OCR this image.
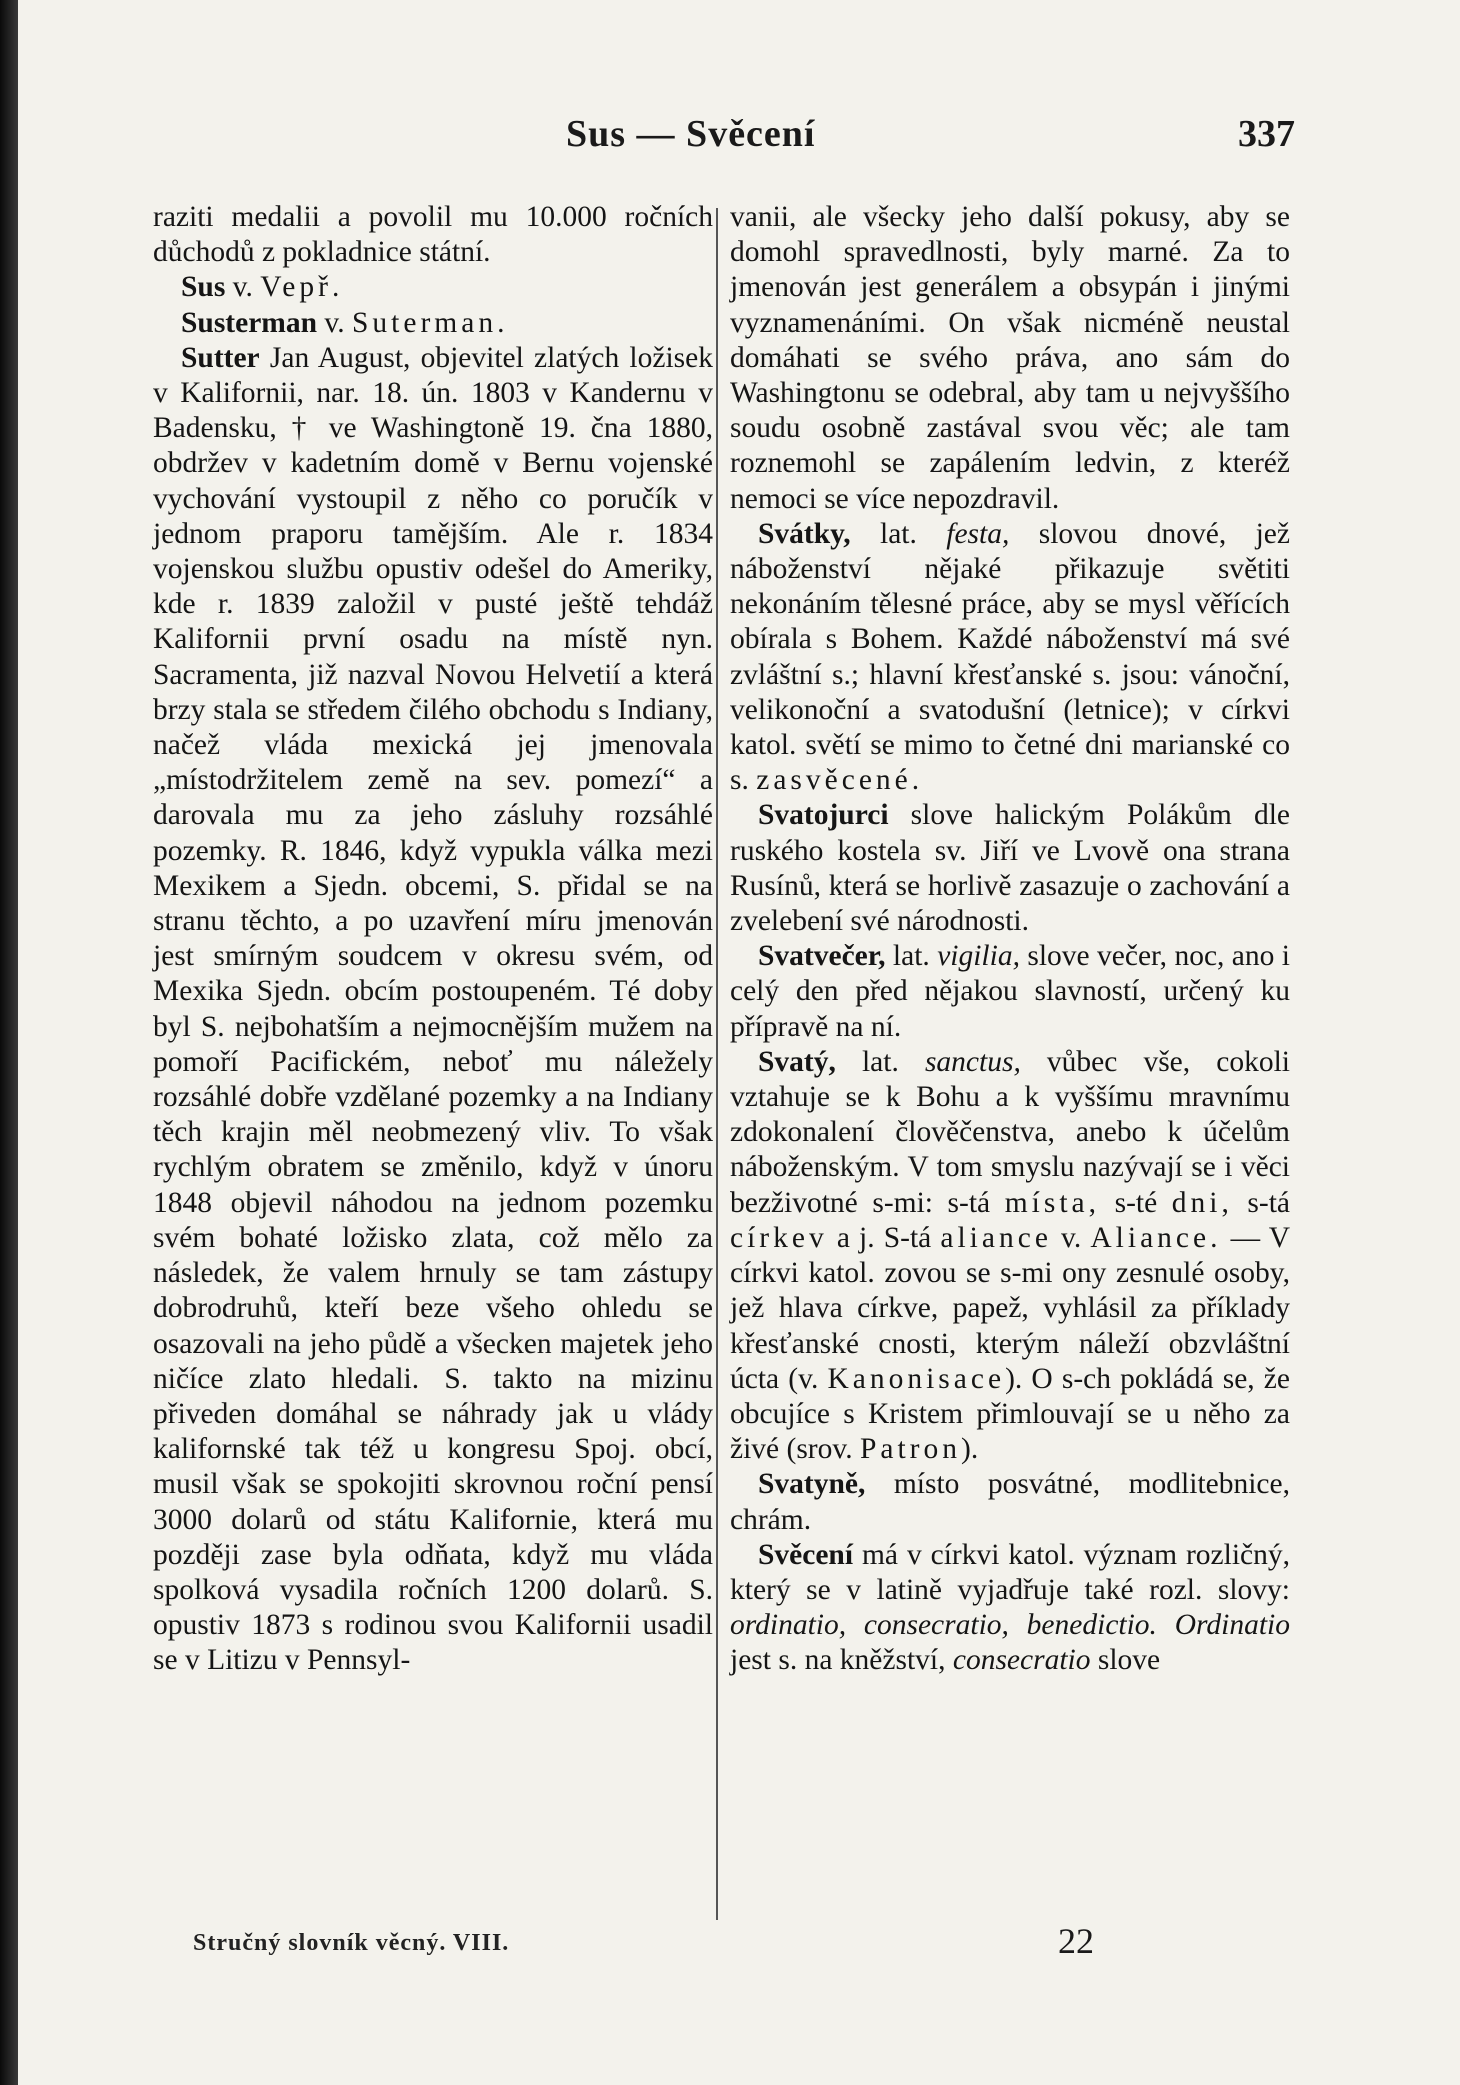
Sus — Svěcení	337

raziti medalii a povolil mu 10.000 ročních důchodů z pokladnice státní.

Sus v. Vepř.

Susterman v. Suterman.

Sutter Jan August, objevitel zlatých ložisek v Kalifornii, nar. 18. ún. 1803 v Kandernu v Badensku, † ve Washingtoně 19. čna 1880, obdržev v kadetním domě v Bernu vojenské vychování vystoupil z něho co poručík v jednom praporu tamějším. Ale r. 1834 vojenskou službu opustiv odešel do Ameriky, kde r. 1839 založil v pusté ještě tehdáž Kalifornii první osadu na místě nyn. Sacramenta, již nazval Novou Helvetií a která brzy stala se středem čilého obchodu s Indiany, načež vláda mexická jej jmenovala „místodržitelem země na sev. pomezí“ a darovala mu za jeho zásluhy rozsáhlé pozemky. R. 1846, když vypukla válka mezi Mexikem a Sjedn. obcemi, S. přidal se na stranu těchto, a po uzavření míru jmenován jest smírným soudcem v okresu svém, od Mexika Sjedn. obcím postoupeném. Té doby byl S. nejbohatším a nejmocnějším mužem na pomoří Pacifickém, neboť mu náležely rozsáhlé dobře vzdělané pozemky a na Indiany těch krajin měl neobmezený vliv. To však rychlým obratem se změnilo, když v únoru 1848 objevil náhodou na jednom pozemku svém bohaté ložisko zlata, což mělo za následek, že valem hrnuly se tam zástupy dobrodruhů, kteří beze všeho ohledu se osazovali na jeho půdě a všecken majetek jeho ničíce zlato hledali. S. takto na mizinu přiveden domáhal se náhrady jak u vlády kalifornské tak též u kongresu Spoj. obcí, musil však se spokojiti skrovnou roční pensí 3000 dolarů od státu Kalifornie, která mu později zase byla odňata, když mu vláda spolková vysadila ročních 1200 dolarů. S. opustiv 1873 s rodinou svou Kalifornii usadil se v Litizu v Pennsyl-

vanii, ale všecky jeho další pokusy, aby se domohl spravedlnosti, byly marné. Za to jmenován jest generálem a obsypán i jinými vyznamenáními. On však nicméně neustal domáhati se svého práva, ano sám do Washingtonu se odebral, aby tam u nejvyššího soudu osobně zastával svou věc; ale tam roznemohl se zapálením ledvin, z kteréž nemoci se více nepozdravil.

Svátky, lat. festa, slovou dnové, jež náboženství nějaké přikazuje světiti nekonáním tělesné práce, aby se mysl věřících obírala s Bohem. Každé náboženství má své zvláštní s.; hlavní křesťanské s. jsou: vánoční, velikonoční a svatodušní (letnice); v církvi katol. světí se mimo to četné dni marianské co s. zasvěcené.

Svatojurci slove halickým Polákům dle ruského kostela sv. Jiří ve Lvově ona strana Rusínů, která se horlivě zasazuje o zachování a zvelebení své národnosti.

Svatvečer, lat. vigilia, slove večer, noc, ano i celý den před nějakou slavností, určený ku přípravě na ní.

Svatý, lat. sanctus, vůbec vše, cokoli vztahuje se k Bohu a k vyššímu mravnímu zdokonalení člověčenstva, anebo k účelům náboženským. V tom smyslu nazývají se i věci bezživotné s-mi: s-tá místa, s-té dni, s-tá církev a j. S-tá aliance v. Aliance. — V církvi katol. zovou se s-mi ony zesnulé osoby, jež hlava církve, papež, vyhlásil za příklady křesťanské cnosti, kterým náleží obzvláštní úcta (v. Kanonisace). O s-ch pokládá se, že obcujíce s Kristem přimlouvají se u něho za živé (srov. Patron).

Svatyně, místo posvátné, modlitebnice, chrám.

Svěcení má v církvi katol. význam rozličný, který se v latině vyjadřuje také rozl. slovy: ordinatio, consecratio, benedictio. Ordinatio jest s. na kněžství, consecratio slove

Stručný slovník věcný. VIII.	22
